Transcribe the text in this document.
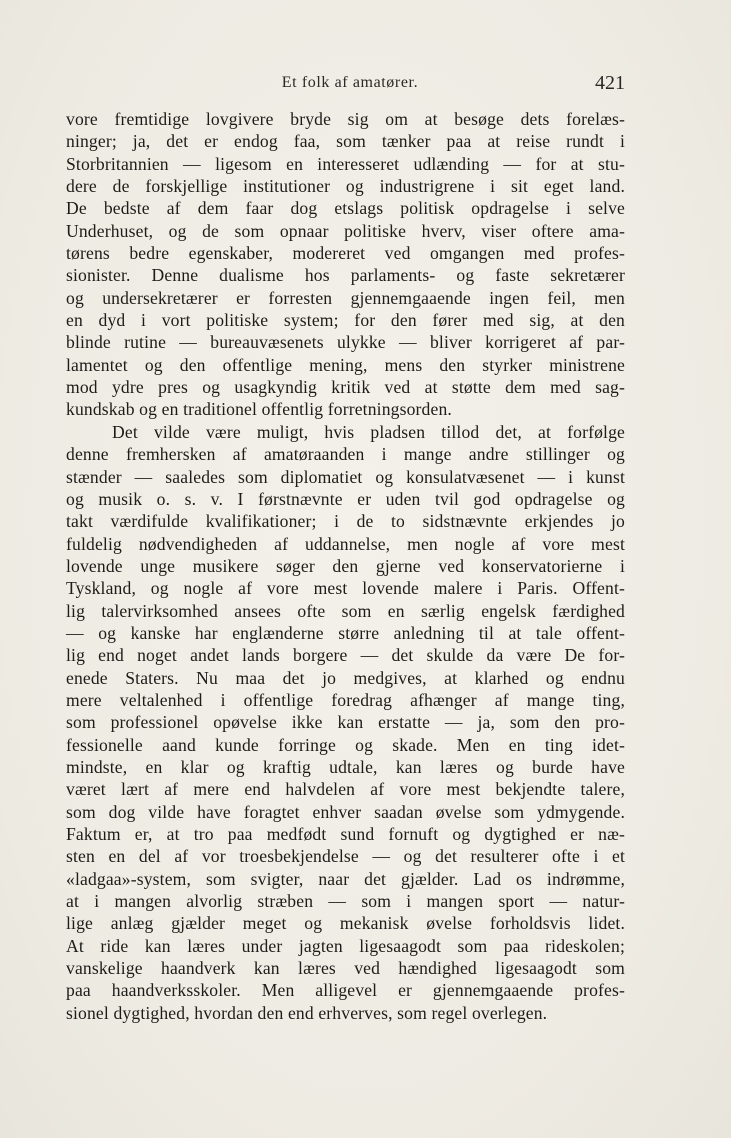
Et folk af amatører.	421
vore fremtidige lovgivere bryde sig om at besøge dets forelæs-
ninger; ja, det er endog faa, som tænker paa at reise rundt i
Storbritannien — ligesom en interesseret udlænding — for at stu-
dere de forskjellige institutioner og industrigrene i sit eget land.
De bedste af dem faar dog etslags politisk opdragelse i selve
Underhuset, og de som opnaar politiske hverv, viser oftere ama-
tørens bedre egenskaber, modereret ved omgangen med profes-
sionister. Denne dualisme hos parlaments- og faste sekretærer
og undersekretærer er forresten gjennemgaaende ingen feil, men
en dyd i vort politiske system; for den fører med sig, at den
blinde rutine — bureauvæsenets ulykke — bliver korrigeret af par-
lamentet og den offentlige mening, mens den styrker ministrene
mod ydre pres og usagkyndig kritik ved at støtte dem med sag-
kundskab og en traditionel offentlig forretningsorden.
Det vilde være muligt, hvis pladsen tillod det, at forfølge
denne fremhersken af amatøraanden i mange andre stillinger og
stænder — saaledes som diplomatiet og konsulatvæsenet — i kunst
og musik o. s. v. I førstnævnte er uden tvil god opdragelse og
takt værdifulde kvalifikationer; i de to sidstnævnte erkjendes jo
fuldelig nødvendigheden af uddannelse, men nogle af vore mest
lovende unge musikere søger den gjerne ved konservatorierne i
Tyskland, og nogle af vore mest lovende malere i Paris. Offent-
lig talervirksomhed ansees ofte som en særlig engelsk færdighed
— og kanske har englænderne større anledning til at tale offent-
lig end noget andet lands borgere — det skulde da være De for-
enede Staters. Nu maa det jo medgives, at klarhed og endnu
mere veltalenhed i offentlige foredrag afhænger af mange ting,
som professionel opøvelse ikke kan erstatte — ja, som den pro-
fessionelle aand kunde forringe og skade. Men en ting idet-
mindste, en klar og kraftig udtale, kan læres og burde have
været lært af mere end halvdelen af vore mest bekjendte talere,
som dog vilde have foragtet enhver saadan øvelse som ydmygende.
Faktum er, at tro paa medfødt sund fornuft og dygtighed er næ-
sten en del af vor troesbekjendelse — og det resulterer ofte i et
«ladgaa»-system, som svigter, naar det gjælder. Lad os indrømme,
at i mangen alvorlig stræben — som i mangen sport — natur-
lige anlæg gjælder meget og mekanisk øvelse forholdsvis lidet.
At ride kan læres under jagten ligesaagodt som paa rideskolen;
vanskelige haandverk kan læres ved hændighed ligesaagodt som
paa haandverksskoler. Men alligevel er gjennemgaaende profes-
sionel dygtighed, hvordan den end erhverves, som regel overlegen.
